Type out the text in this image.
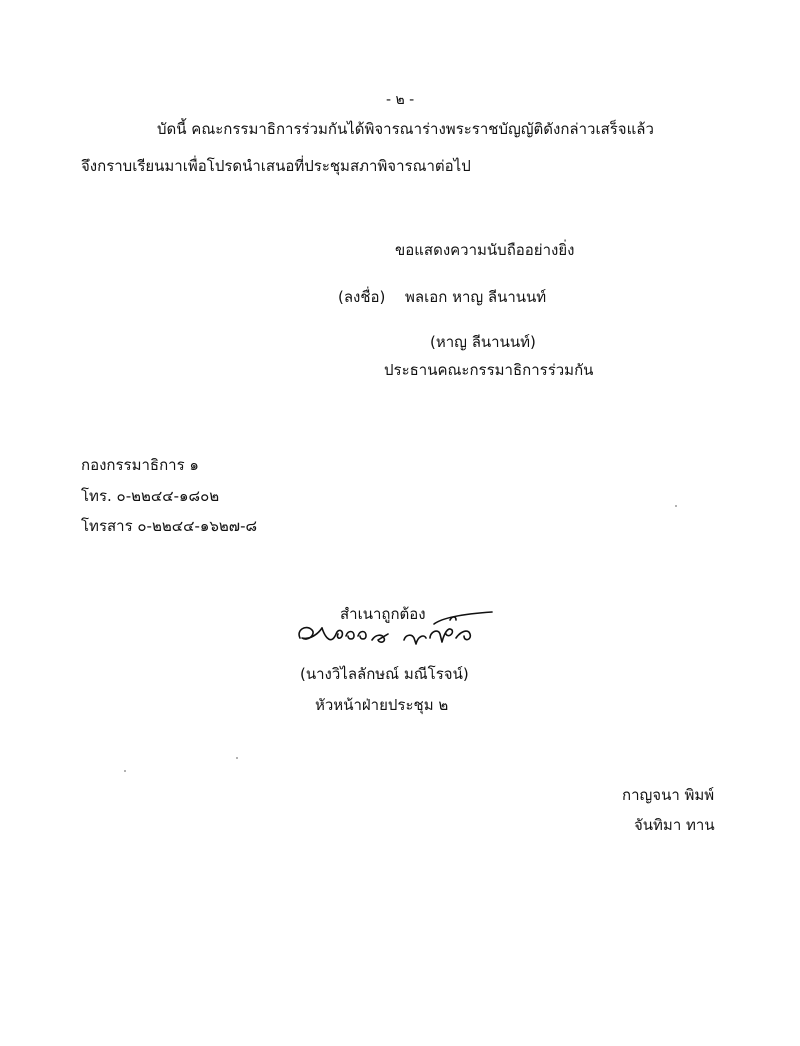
- ๒ -
บัดนี้ คณะกรรมาธิการร่วมกันได้พิจารณาร่างพระราชบัญญัติดังกล่าวเสร็จแล้ว
จึงกราบเรียนมาเพื่อโปรดนำเสนอที่ประชุมสภาพิจารณาต่อไป
ขอแสดงความนับถืออย่างยิ่ง
(ลงชื่อ) พลเอก หาญ ลีนานนท์
(หาญ ลีนานนท์)
ประธานคณะกรรมาธิการร่วมกัน
กองกรรมาธิการ ๑
โทร. ๐-๒๒๔๔-๑๘๐๒
โทรสาร ๐-๒๒๔๔-๑๖๒๗-๘
สำเนาถูกต้อง
(นางวิไลลักษณ์ มณีโรจน์)
หัวหน้าฝ่ายประชุม ๒
กาญจนา พิมพ์
จันทิมา ทาน
